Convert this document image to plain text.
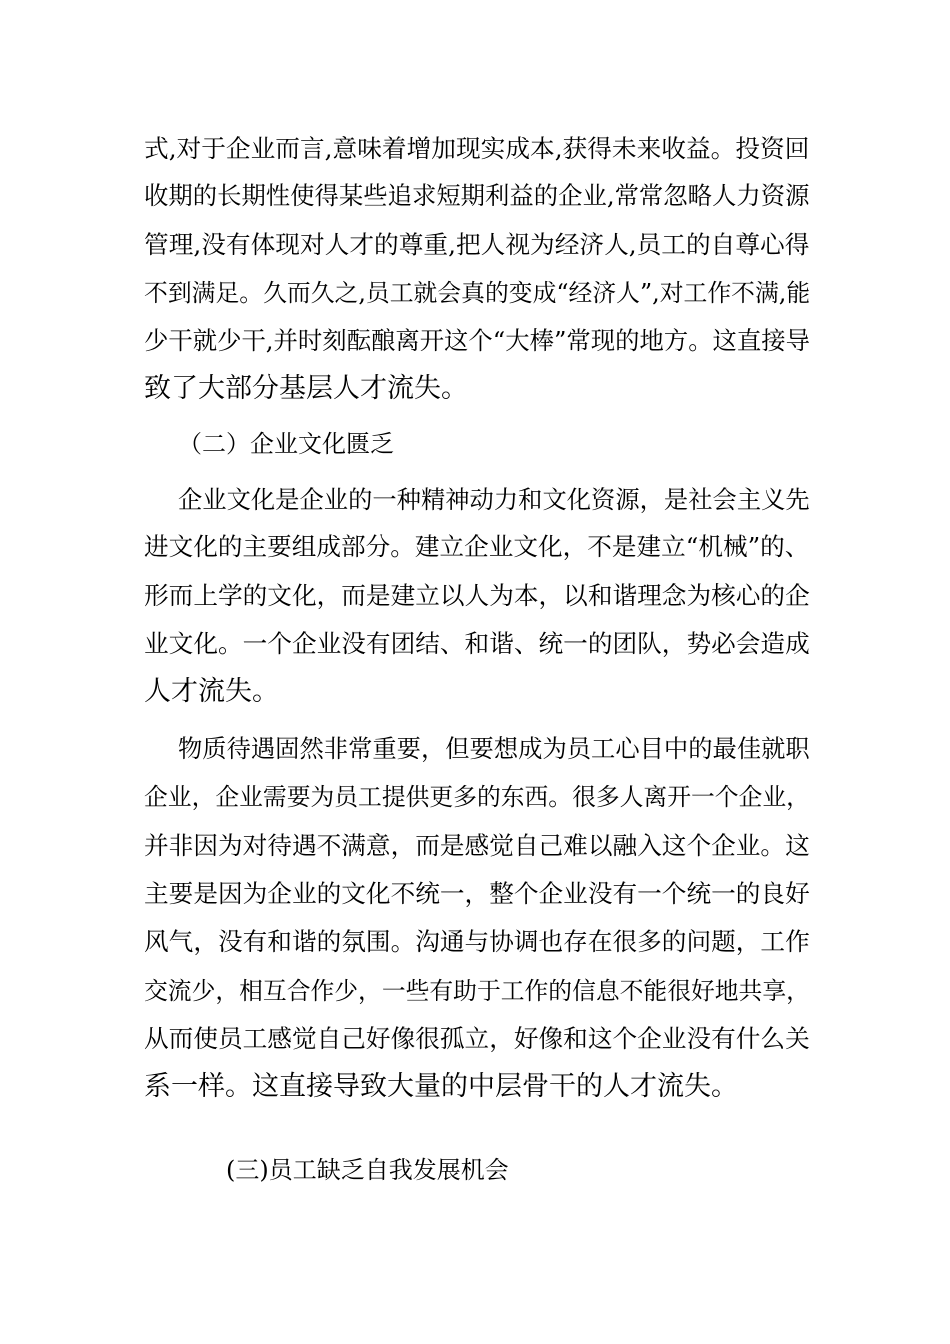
式,对于企业而言,意味着增加现实成本,获得未来收益。投资回
收期的长期性使得某些追求短期利益的企业,常常忽略人力资源
管理,没有体现对人才的尊重,把人视为经济人,员工的自尊心得
不到满足。久而久之,员工就会真的变成“经济人”,对工作不满,能
少干就少干,并时刻酝酿离开这个“大棒”常现的地方。这直接导
致了大部分基层人才流失。
（二）企业文化匮乏
企业文化是企业的一种精神动力和文化资源，是社会主义先
进文化的主要组成部分。建立企业文化，不是建立“机械”的、
形而上学的文化，而是建立以人为本，以和谐理念为核心的企
业文化。一个企业没有团结、和谐、统一的团队，势必会造成
人才流失。
物质待遇固然非常重要，但要想成为员工心目中的最佳就职
企业，企业需要为员工提供更多的东西。很多人离开一个企业，
并非因为对待遇不满意，而是感觉自己难以融入这个企业。这
主要是因为企业的文化不统一，整个企业没有一个统一的良好
风气，没有和谐的氛围。沟通与协调也存在很多的问题，工作
交流少，相互合作少，一些有助于工作的信息不能很好地共享，
从而使员工感觉自己好像很孤立，好像和这个企业没有什么关
系一样。这直接导致大量的中层骨干的人才流失。
(三)员工缺乏自我发展机会
